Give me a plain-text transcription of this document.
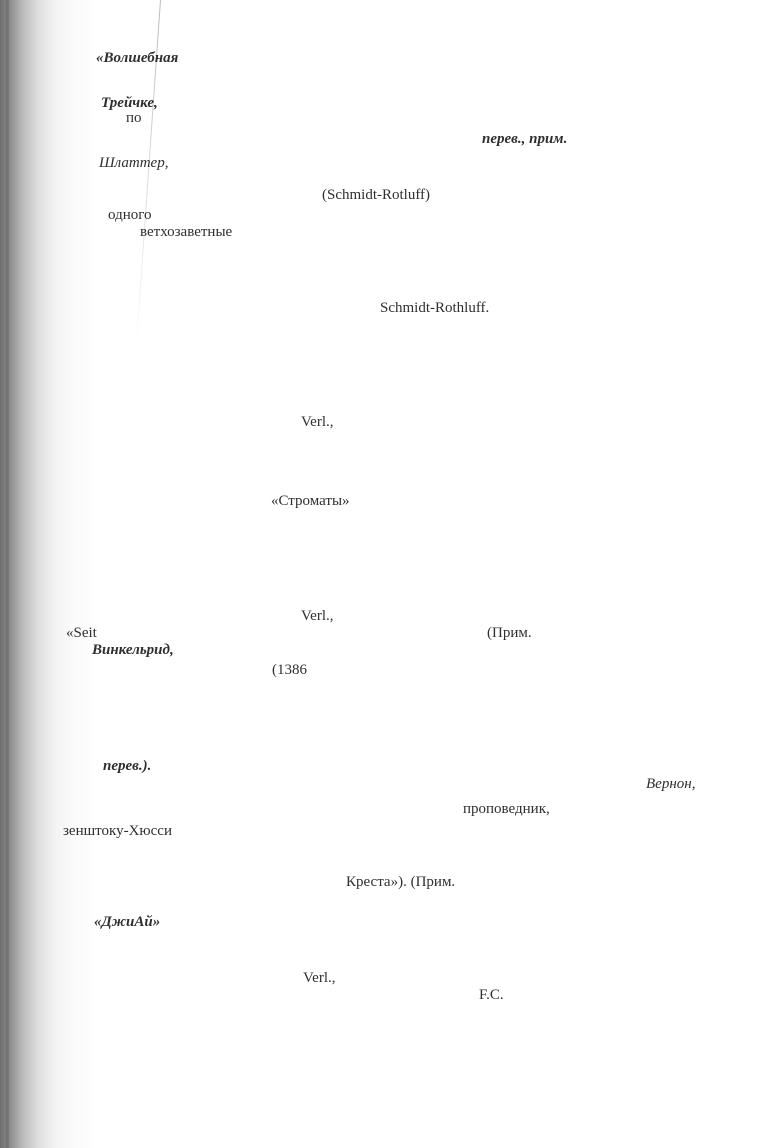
«Волшебная
Трейчке,
по
перев., прим.
Шлаттер,
(Schmidt-Rotluff)
одного
ветхозаветные
Schmidt-Rothluff.
Verl.,
«Строматы»
Verl.,
«Seit	(Прим.
Винкельрид,
(1386
перев.).
Вернон,
проповедник,
зенштоку-Хюсси
Креста»). (Прим.
«ДжиАй»
Verl.,
F.C.
